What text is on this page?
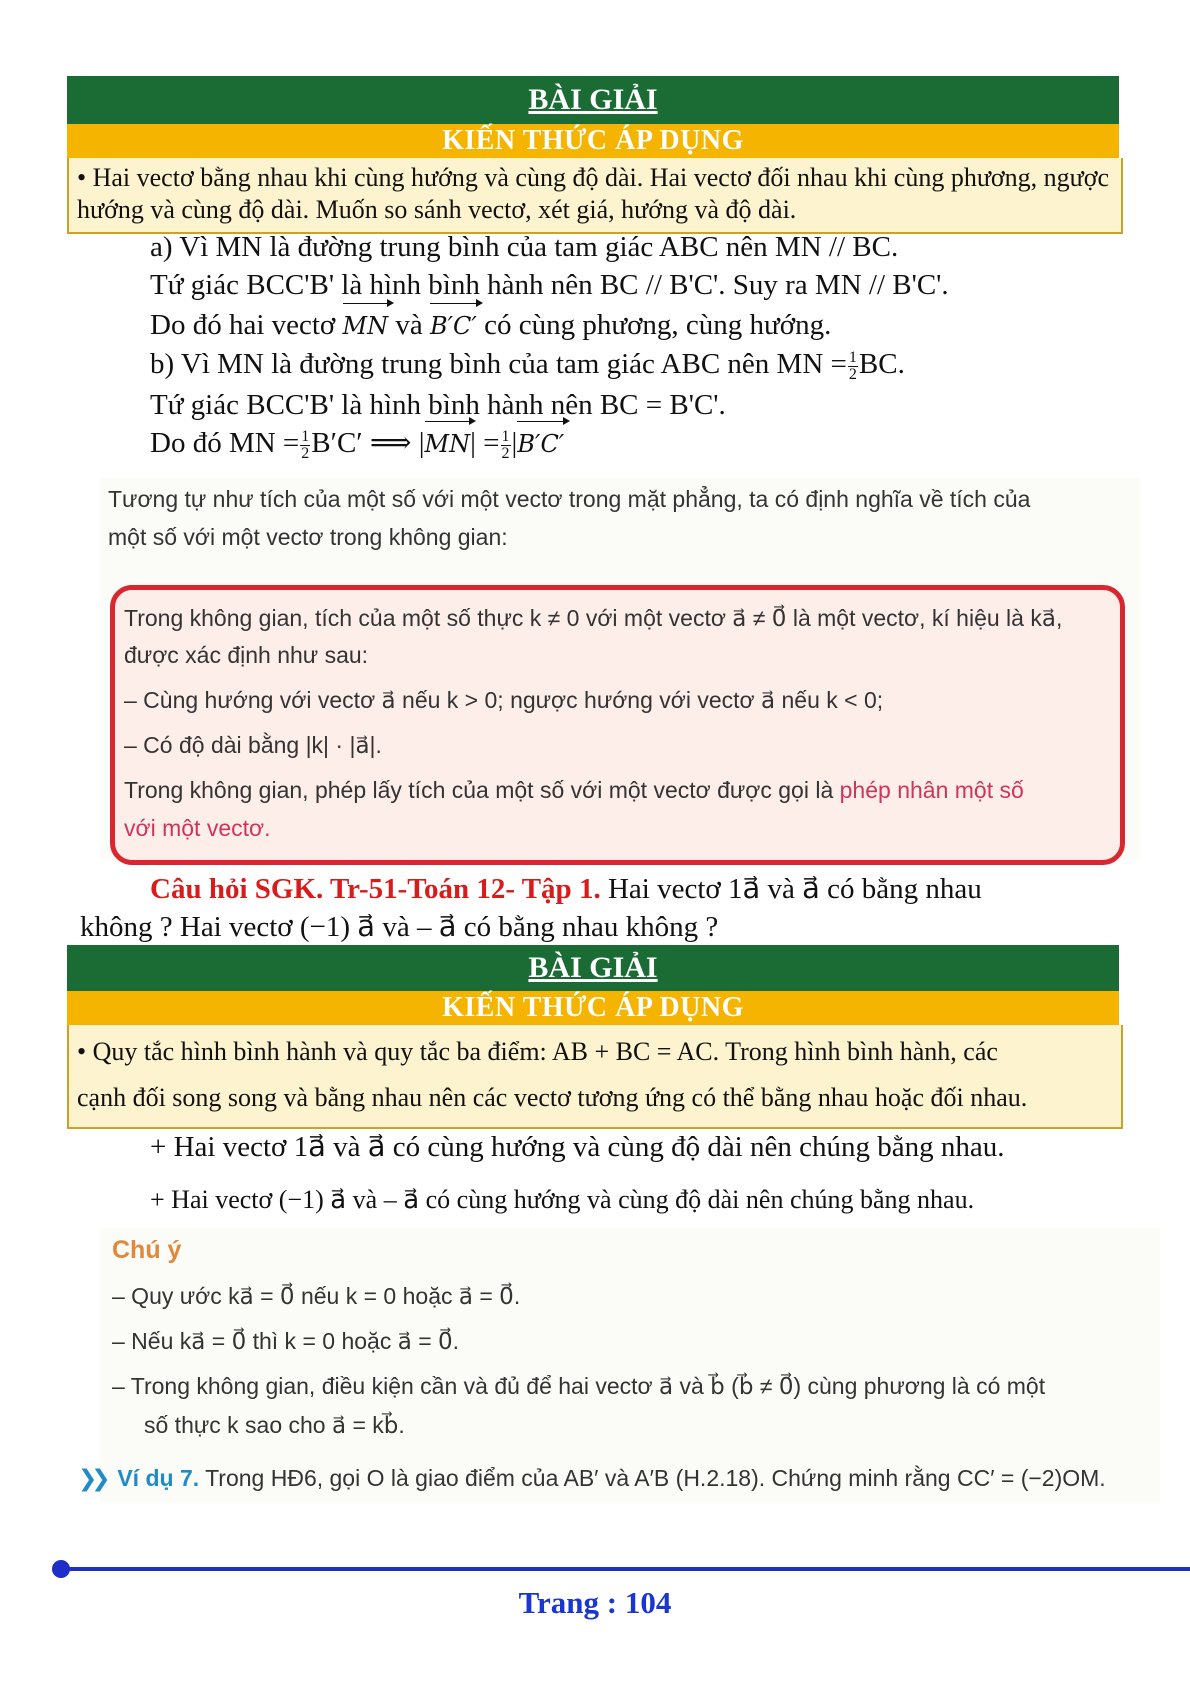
BÀI GIẢI
KIẾN THỨC ÁP DỤNG
• Hai vectơ bằng nhau khi cùng hướng và cùng độ dài. Hai vectơ đối nhau khi cùng phương, ngược hướng và cùng độ dài. Muốn so sánh vectơ, xét giá, hướng và độ dài.
a) Vì MN là đường trung bình của tam giác ABC nên MN // BC.
Tứ giác BCC'B' là hình bình hành nên BC // B'C'. Suy ra MN // B'C'.
Do đó hai vectơ MN và B′C′ có cùng phương, cùng hướng.
b) Vì MN là đường trung bình của tam giác ABC nên MN = $\frac{1}{2}$ BC.
Tứ giác BCC'B' là hình bình hành nên BC = B'C'.
Do đó MN = $\frac{1}{2} B'C'$ ⟹ |
$MN| = \frac{1}{2}$ |
B′C′
Tương tự như tích của một số với một vectơ trong mặt phẳng, ta có định nghĩa về tích của
một số với một vectơ trong không gian:
Trong không gian, tích của một số thực k ≠ 0 với một vectơ a⃗ ≠ 0⃗ là một vectơ, kí hiệu là ka⃗,
được xác định như sau:
– Cùng hướng với vectơ a⃗ nếu k > 0; ngược hướng với vectơ a⃗ nếu k < 0;
– Có độ dài bằng |k| · |a⃗|.
Trong không gian, phép lấy tích của một số với một vectơ được gọi là phép nhân một số
với một vectơ.
Câu hỏi SGK. Tr-51-Toán 12- Tập 1. Hai vectơ 1a⃗ và a⃗ có bằng nhau
không ? Hai vectơ (−1) a⃗ và – a⃗ có bằng nhau không ?
BÀI GIẢI
KIẾN THỨC ÁP DỤNG
• Quy tắc hình bình hành và quy tắc ba điểm: AB + BC = AC. Trong hình bình hành, các
cạnh đối song song và bằng nhau nên các vectơ tương ứng có thể bằng nhau hoặc đối nhau.
+ Hai vectơ 1a⃗ và a⃗ có cùng hướng và cùng độ dài nên chúng bằng nhau.
+ Hai vectơ (−1) a⃗ và – a⃗ có cùng hướng và cùng độ dài nên chúng bằng nhau.
Chú ý
– Quy ước ka⃗ = 0⃗ nếu k = 0 hoặc a⃗ = 0⃗.
– Nếu ka⃗ = 0⃗ thì k = 0 hoặc a⃗ = 0⃗.
– Trong không gian, điều kiện cần và đủ để hai vectơ a⃗ và b⃗ (b⃗ ≠ 0⃗) cùng phương là có một
số thực k sao cho a⃗ = kb⃗.
❯❯ Ví dụ 7. Trong HĐ6, gọi O là giao điểm của AB′ và A′B (H.2.18). Chứng minh rằng CC′ = (−2)OM.
Trang : 104
